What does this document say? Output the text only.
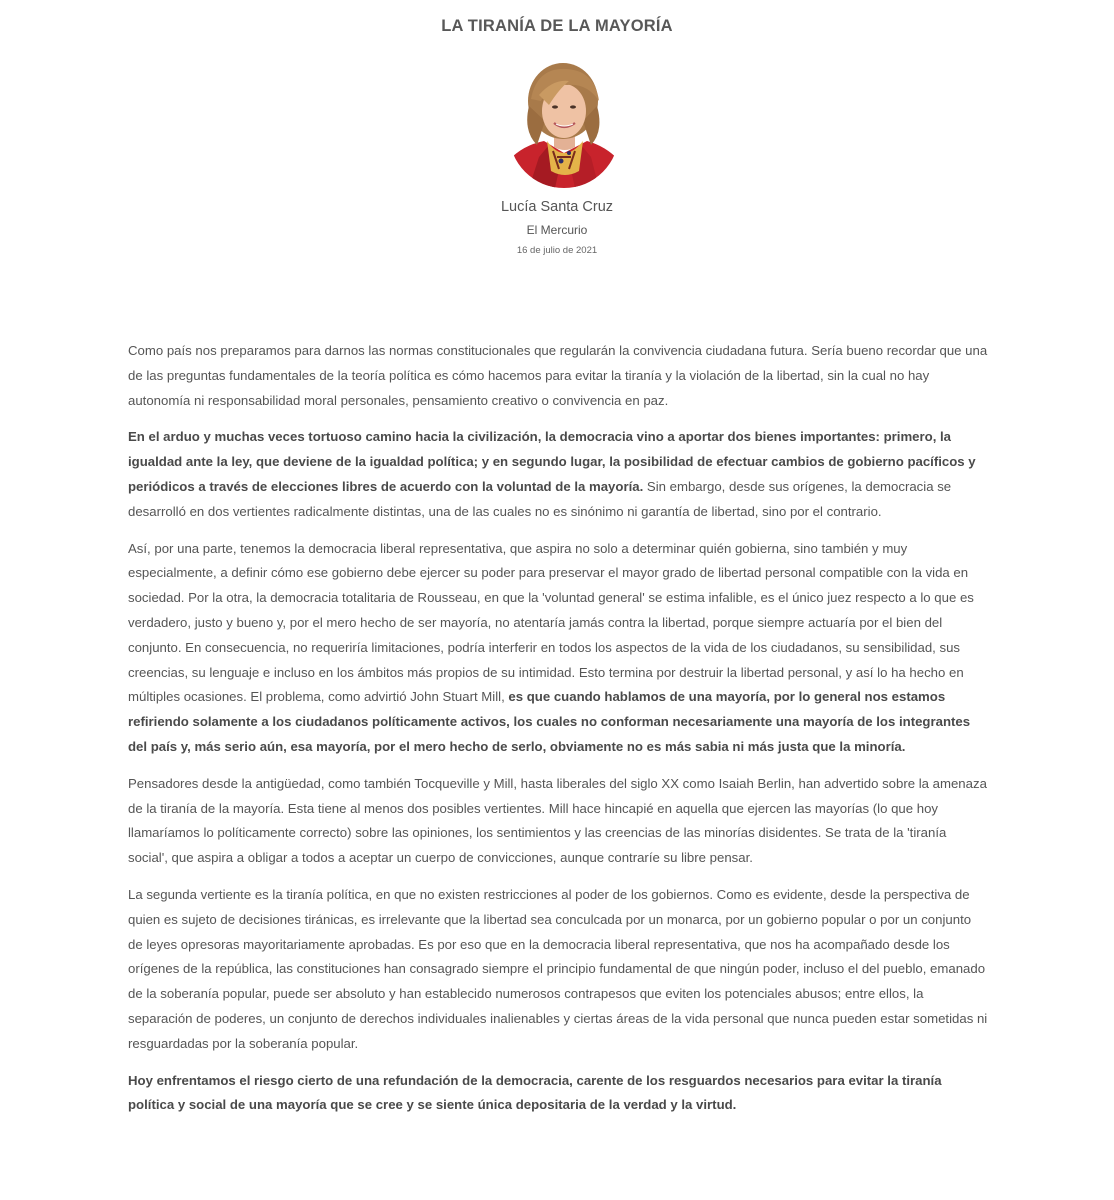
LA TIRANÍA DE LA MAYORÍA
Lucía Santa Cruz
El Mercurio
16 de julio de 2021

Como país nos preparamos para darnos las normas constitucionales que regularán la convivencia ciudadana futura. Sería bueno recordar que una de las preguntas fundamentales de la teoría política es cómo hacemos para evitar la tiranía y la violación de la libertad, sin la cual no hay autonomía ni responsabilidad moral personales, pensamiento creativo o convivencia en paz.

En el arduo y muchas veces tortuoso camino hacia la civilización, la democracia vino a aportar dos bienes importantes: primero, la igualdad ante la ley, que deviene de la igualdad política; y en segundo lugar, la posibilidad de efectuar cambios de gobierno pacíficos y periódicos a través de elecciones libres de acuerdo con la voluntad de la mayoría. Sin embargo, desde sus orígenes, la democracia se desarrolló en dos vertientes radicalmente distintas, una de las cuales no es sinónimo ni garantía de libertad, sino por el contrario.

Así, por una parte, tenemos la democracia liberal representativa, que aspira no solo a determinar quién gobierna, sino también y muy especialmente, a definir cómo ese gobierno debe ejercer su poder para preservar el mayor grado de libertad personal compatible con la vida en sociedad. Por la otra, la democracia totalitaria de Rousseau, en que la 'voluntad general' se estima infalible, es el único juez respecto a lo que es verdadero, justo y bueno y, por el mero hecho de ser mayoría, no atentaría jamás contra la libertad, porque siempre actuaría por el bien del conjunto. En consecuencia, no requeriría limitaciones, podría interferir en todos los aspectos de la vida de los ciudadanos, su sensibilidad, sus creencias, su lenguaje e incluso en los ámbitos más propios de su intimidad. Esto termina por destruir la libertad personal, y así lo ha hecho en múltiples ocasiones. El problema, como advirtió John Stuart Mill, es que cuando hablamos de una mayoría, por lo general nos estamos refiriendo solamente a los ciudadanos políticamente activos, los cuales no conforman necesariamente una mayoría de los integrantes del país y, más serio aún, esa mayoría, por el mero hecho de serlo, obviamente no es más sabia ni más justa que la minoría.

Pensadores desde la antigüedad, como también Tocqueville y Mill, hasta liberales del siglo XX como Isaiah Berlin, han advertido sobre la amenaza de la tiranía de la mayoría. Esta tiene al menos dos posibles vertientes. Mill hace hincapié en aquella que ejercen las mayorías (lo que hoy llamaríamos lo políticamente correcto) sobre las opiniones, los sentimientos y las creencias de las minorías disidentes. Se trata de la 'tiranía social', que aspira a obligar a todos a aceptar un cuerpo de convicciones, aunque contraríe su libre pensar.

La segunda vertiente es la tiranía política, en que no existen restricciones al poder de los gobiernos. Como es evidente, desde la perspectiva de quien es sujeto de decisiones tiránicas, es irrelevante que la libertad sea conculcada por un monarca, por un gobierno popular o por un conjunto de leyes opresoras mayoritariamente aprobadas. Es por eso que en la democracia liberal representativa, que nos ha acompañado desde los orígenes de la república, las constituciones han consagrado siempre el principio fundamental de que ningún poder, incluso el del pueblo, emanado de la soberanía popular, puede ser absoluto y han establecido numerosos contrapesos que eviten los potenciales abusos; entre ellos, la separación de poderes, un conjunto de derechos individuales inalienables y ciertas áreas de la vida personal que nunca pueden estar sometidas ni resguardadas por la soberanía popular.

Hoy enfrentamos el riesgo cierto de una refundación de la democracia, carente de los resguardos necesarios para evitar la tiranía política y social de una mayoría que se cree y se siente única depositaria de la verdad y la virtud.
